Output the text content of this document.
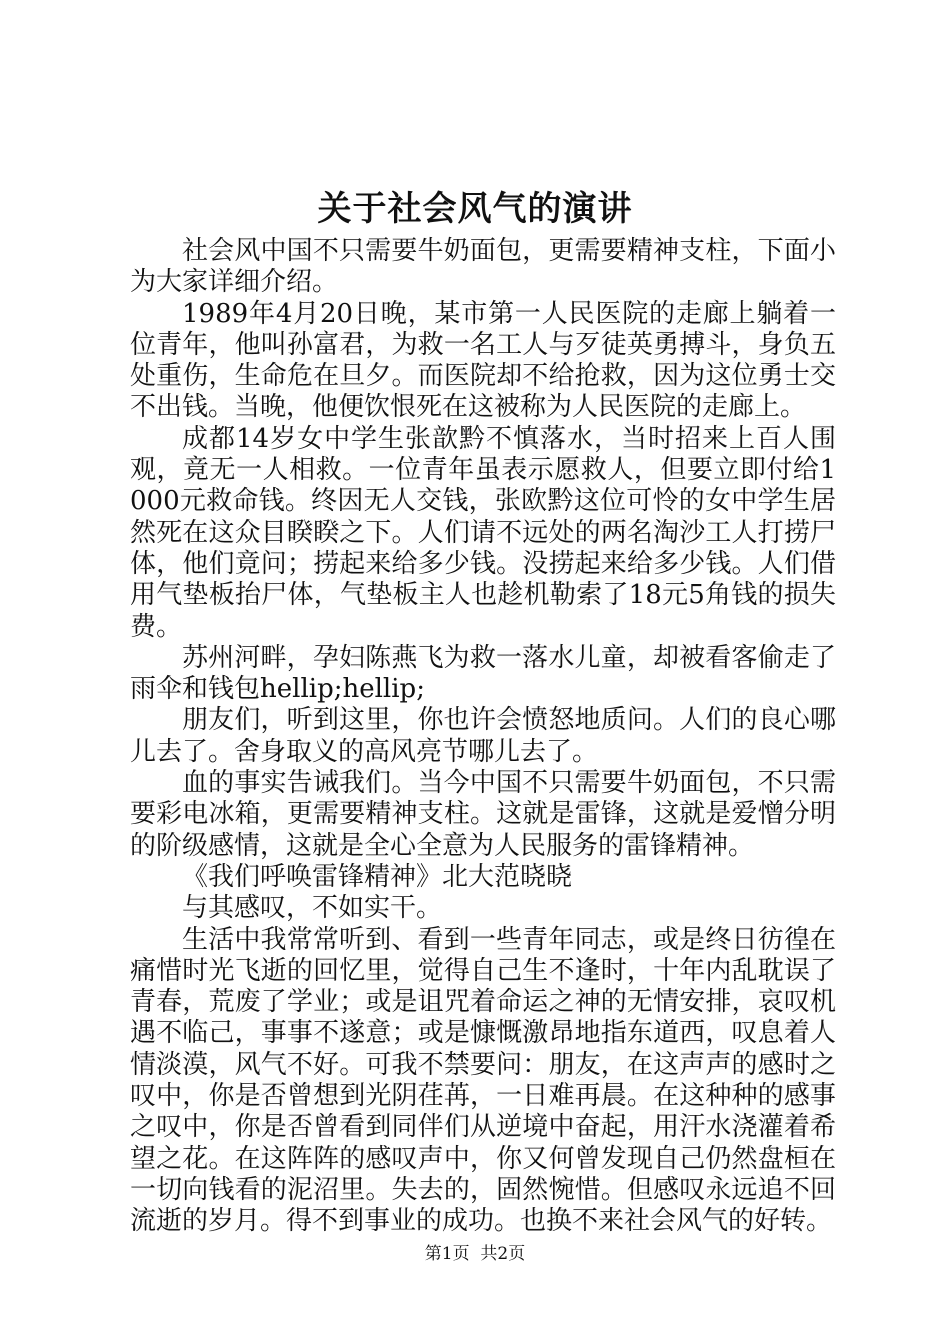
关于社会风气的演讲

社会风中国不只需要牛奶面包，更需要精神支柱，下面小为大家详细介绍。

1989年4月20日晚，某市第一人民医院的走廊上躺着一位青年，他叫孙富君，为救一名工人与歹徒英勇搏斗，身负五处重伤，生命危在旦夕。而医院却不给抢救，因为这位勇士交不出钱。当晚，他便饮恨死在这被称为人民医院的走廊上。

成都14岁女中学生张歆黔不慎落水，当时招来上百人围观，竟无一人相救。一位青年虽表示愿救人，但要立即付给1000元救命钱。终因无人交钱，张欧黔这位可怜的女中学生居然死在这众目睽睽之下。人们请不远处的两名淘沙工人打捞尸体，他们竟问；捞起来给多少钱。没捞起来给多少钱。人们借用气垫板抬尸体，气垫板主人也趁机勒索了18元5角钱的损失费。

苏州河畔，孕妇陈燕飞为救一落水儿童，却被看客偷走了雨伞和钱包hellip;hellip;

朋友们，听到这里，你也许会愤怒地质问。人们的良心哪儿去了。舍身取义的高风亮节哪儿去了。

血的事实告诫我们。当今中国不只需要牛奶面包，不只需要彩电冰箱，更需要精神支柱。这就是雷锋，这就是爱憎分明的阶级感情，这就是全心全意为人民服务的雷锋精神。

《我们呼唤雷锋精神》北大范晓晓

与其感叹，不如实干。

生活中我常常听到、看到一些青年同志，或是终日彷徨在痛惜时光飞逝的回忆里，觉得自己生不逢时，十年内乱耽误了青春，荒废了学业；或是诅咒着命运之神的无情安排，哀叹机遇不临己，事事不遂意；或是慷慨激昂地指东道西，叹息着人情淡漠，风气不好。可我不禁要问：朋友，在这声声的感时之叹中，你是否曾想到光阴荏苒，一日难再晨。在这种种的感事之叹中，你是否曾看到同伴们从逆境中奋起，用汗水浇灌着希望之花。在这阵阵的感叹声中，你又何曾发现自己仍然盘桓在一切向钱看的泥沼里。失去的，固然惋惜。但感叹永远追不回流逝的岁月。得不到事业的成功。也换不来社会风气的好转。

第1页  共2页
